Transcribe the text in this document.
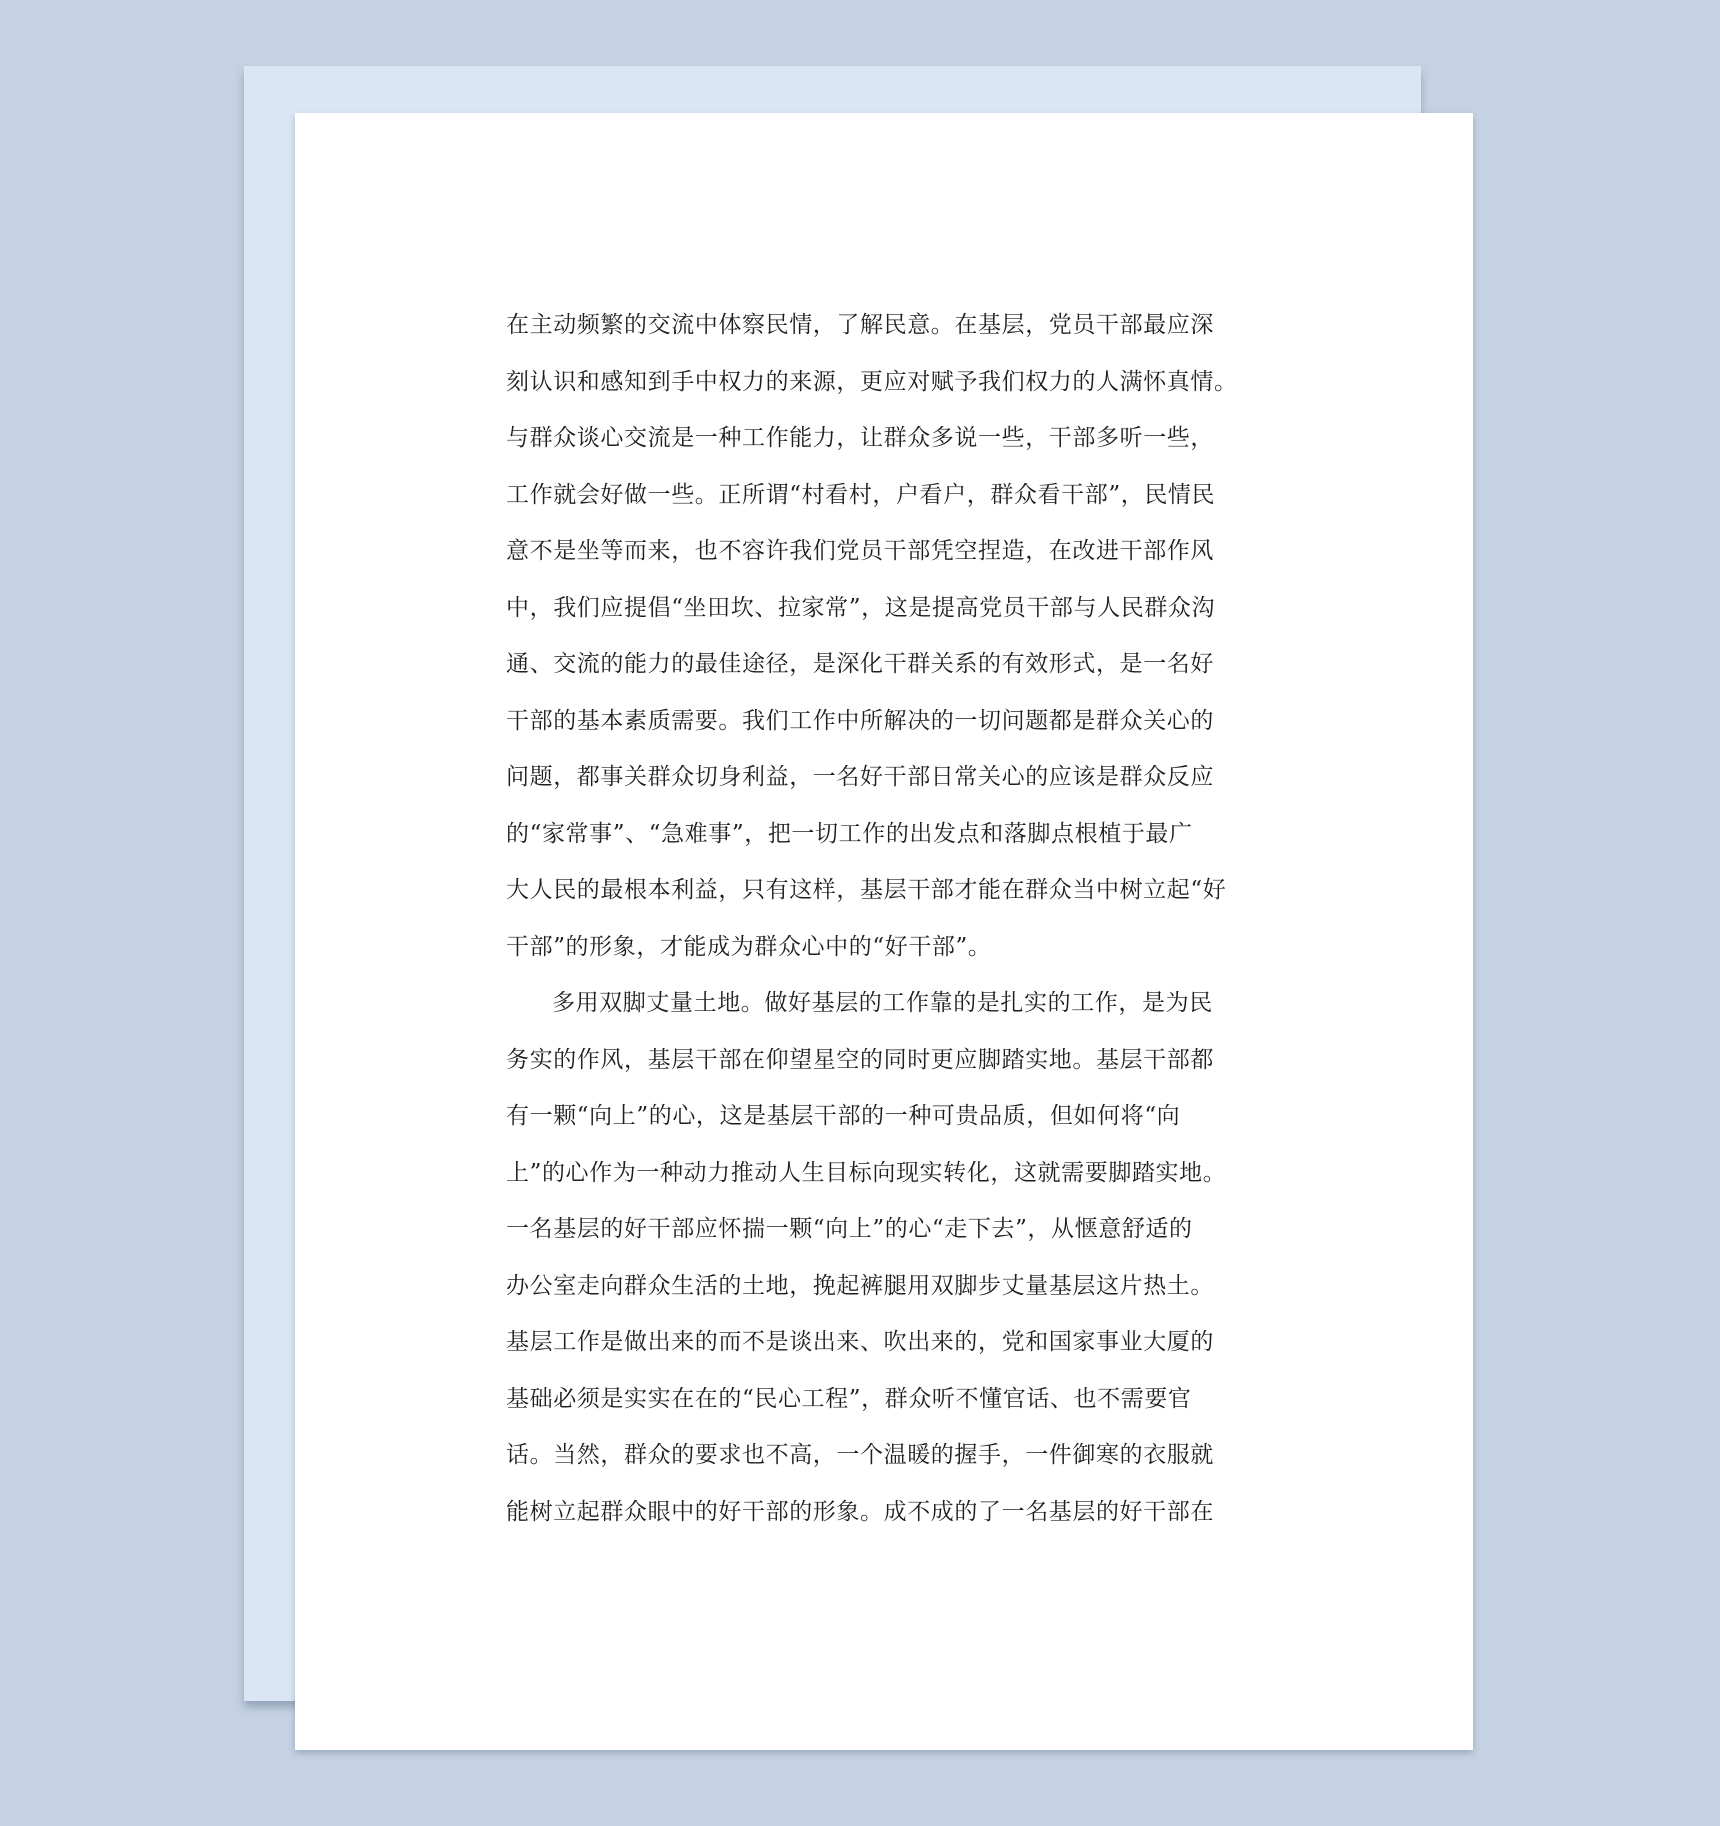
在主动频繁的交流中体察民情，了解民意。在基层，党员干部最应深
刻认识和感知到手中权力的来源，更应对赋予我们权力的人满怀真情。
与群众谈心交流是一种工作能力，让群众多说一些，干部多听一些，
工作就会好做一些。正所谓“村看村，户看户，群众看干部”，民情民
意不是坐等而来，也不容许我们党员干部凭空捏造，在改进干部作风
中，我们应提倡“坐田坎、拉家常”，这是提高党员干部与人民群众沟
通、交流的能力的最佳途径，是深化干群关系的有效形式，是一名好
干部的基本素质需要。我们工作中所解决的一切问题都是群众关心的
问题，都事关群众切身利益，一名好干部日常关心的应该是群众反应
的“家常事”、“急难事”，把一切工作的出发点和落脚点根植于最广
大人民的最根本利益，只有这样，基层干部才能在群众当中树立起“好
干部”的形象，才能成为群众心中的“好干部”。
多用双脚丈量土地。做好基层的工作靠的是扎实的工作，是为民
务实的作风，基层干部在仰望星空的同时更应脚踏实地。基层干部都
有一颗“向上”的心，这是基层干部的一种可贵品质，但如何将“向
上”的心作为一种动力推动人生目标向现实转化，这就需要脚踏实地。
一名基层的好干部应怀揣一颗“向上”的心“走下去”，从惬意舒适的
办公室走向群众生活的土地，挽起裤腿用双脚步丈量基层这片热土。
基层工作是做出来的而不是谈出来、吹出来的，党和国家事业大厦的
基础必须是实实在在的“民心工程”，群众听不懂官话、也不需要官
话。当然，群众的要求也不高，一个温暖的握手，一件御寒的衣服就
能树立起群众眼中的好干部的形象。成不成的了一名基层的好干部在
